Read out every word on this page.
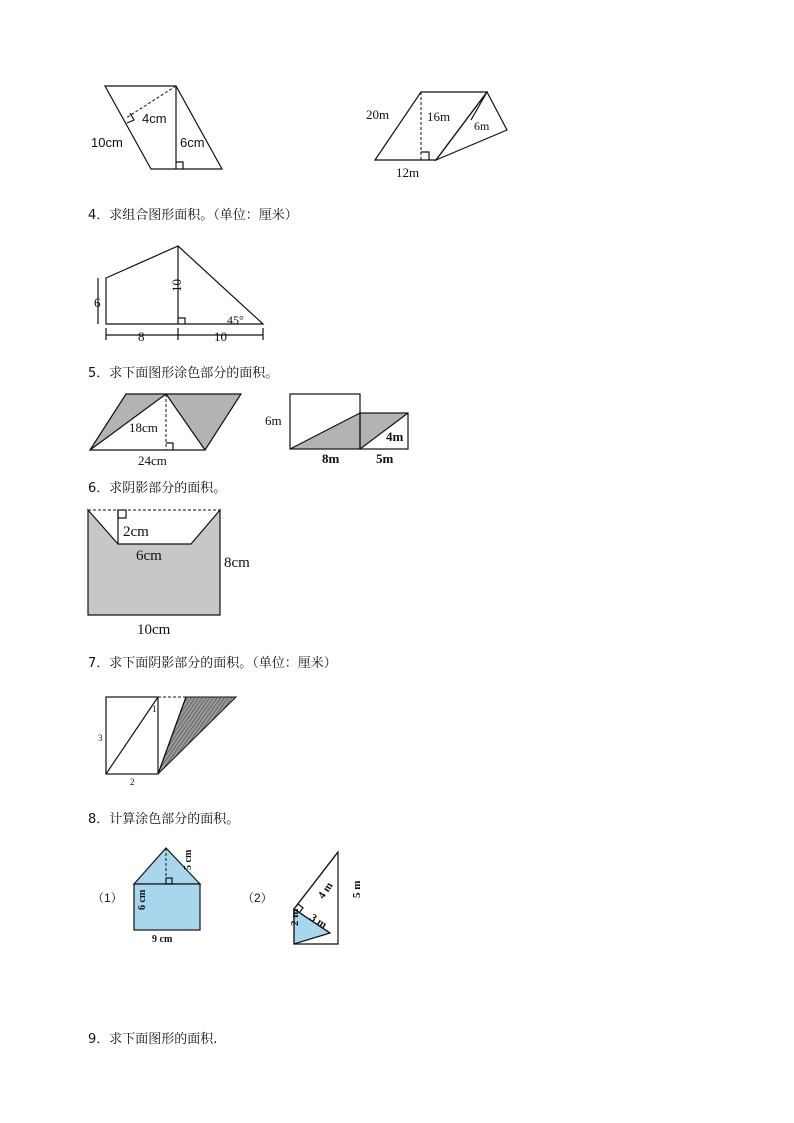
10cm
4cm
6cm
20m	16m
6m
12m
4．求组合图形面积。（单位：厘米）
6
10
8	10
45°
5．求下面图形涂色部分的面积。
18cm
24cm
6m
4m
8m	5m
6．求阴影部分的面积。
2cm
6cm	8cm
10cm
7．求下面阴影部分的面积。（单位：厘米）
1
3
2
8．计算涂色部分的面积。
（1）
5 cm
6 cm
9 cm
（2）	4 m
3 m
2 m
5 m
9．求下面图形的面积.
